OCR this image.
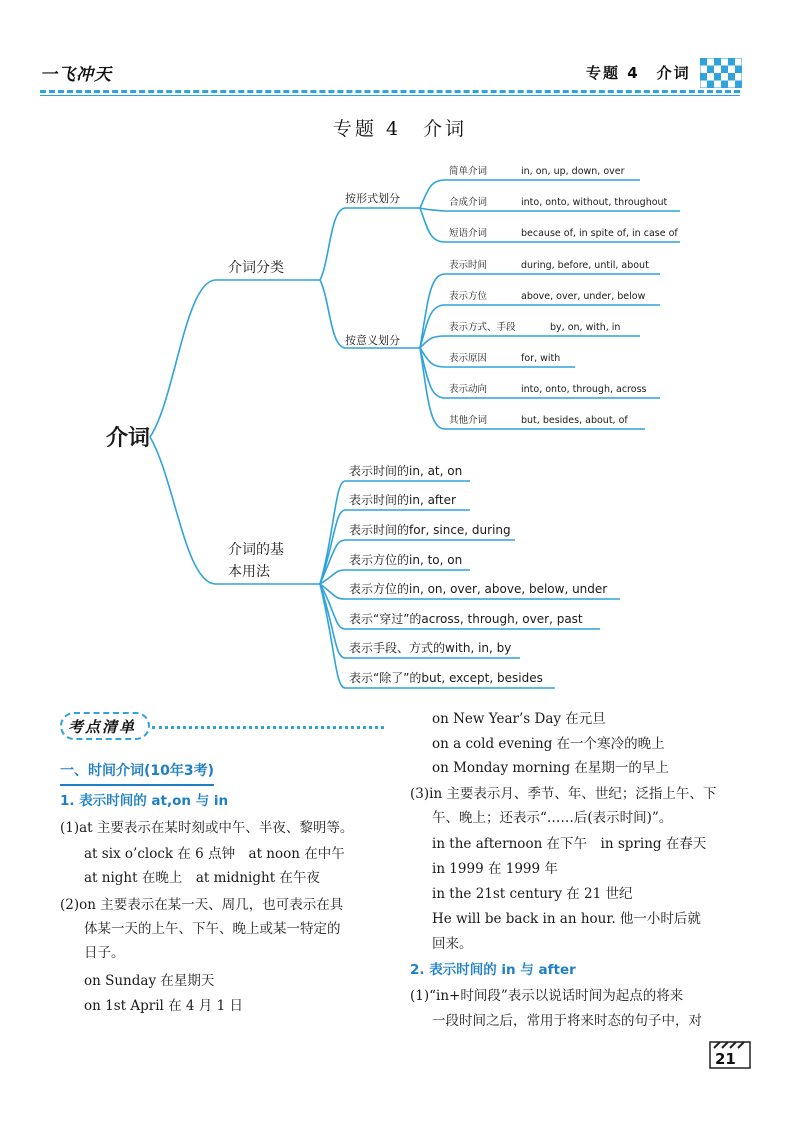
一飞冲天	专题 4　介词
专题 4　介词
介词
介词分类
介词的基
本用法
按形式划分
按意义划分
简单介词	in, on, up, down, over
合成介词	into, onto, without, throughout
短语介词	because of, in spite of, in case of
表示时间	during, before, until, about
表示方位	above, over, under, below
表示方式、手段	by, on, with, in
表示原因	for, with
表示动向	into, onto, through, across
其他介词	but, besides, about, of
表示时间的in, at, on
表示时间的in, after
表示时间的for, since, during
表示方位的in, to, on
表示方位的in, on, over, above, below, under
表示“穿过”的across, through, over, past
表示手段、方式的with, in, by
表示“除了”的but, except, besides
考点清单
一、时间介词(10年3考)
1. 表示时间的 at,on 与 in
(1)at 主要表示在某时刻或中午、半夜、黎明等。
at six o’clock 在 6 点钟　at noon 在中午
at night 在晚上　at midnight 在午夜
(2)on 主要表示在某一天、周几，也可表示在具
体某一天的上午、下午、晚上或某一特定的
日子。
on Sunday 在星期天
on 1st April 在 4 月 1 日
on New Year’s Day 在元旦
on a cold evening 在一个寒冷的晚上
on Monday morning 在星期一的早上
(3)in 主要表示月、季节、年、世纪；泛指上午、下
午、晚上；还表示“……后(表示时间)”。
in the afternoon 在下午　in spring 在春天
in 1999 在 1999 年
in the 21st century 在 21 世纪
He will be back in an hour. 他一小时后就
回来。
2. 表示时间的 in 与 after
(1)“in+时间段”表示以说话时间为起点的将来
一段时间之后，常用于将来时态的句子中，对
21
